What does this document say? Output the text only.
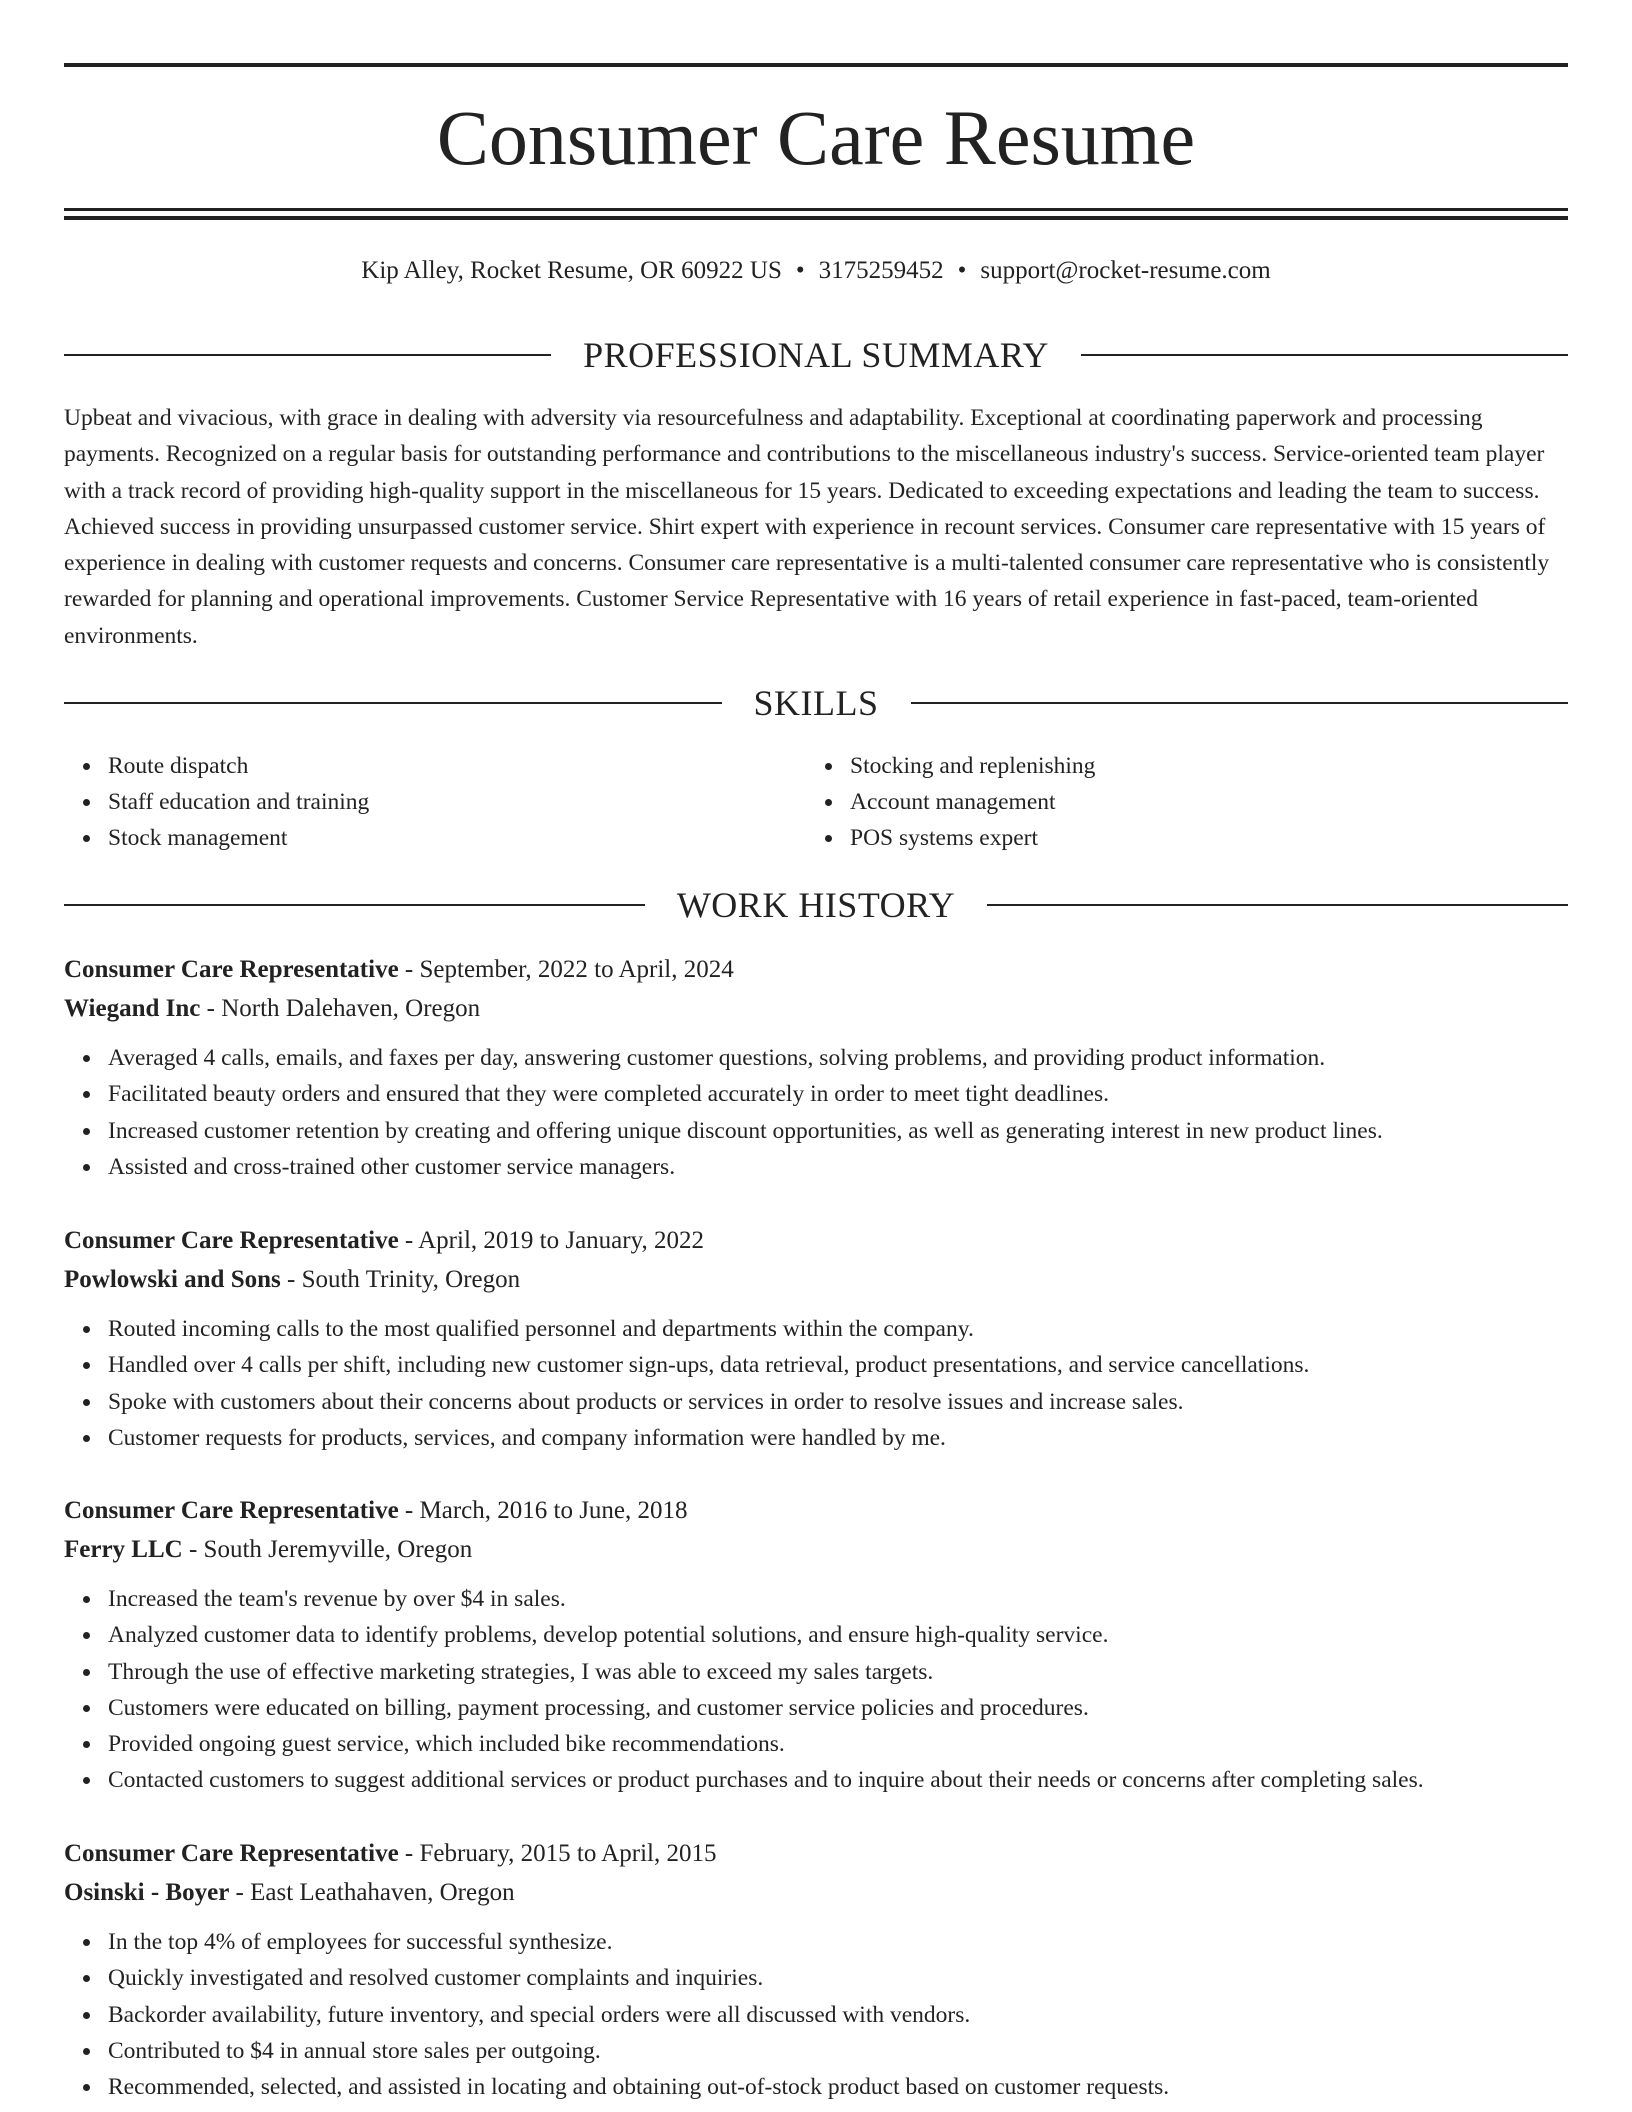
Consumer Care Resume
Kip Alley, Rocket Resume, OR 60922 US • 3175259452 • support@rocket-resume.com
PROFESSIONAL SUMMARY

Upbeat and vivacious, with grace in dealing with adversity via resourcefulness and adaptability. Exceptional at coordinating paperwork and processing payments. Recognized on a regular basis for outstanding performance and contributions to the miscellaneous industry's success. Service-oriented team player with a track record of providing high-quality support in the miscellaneous for 15 years. Dedicated to exceeding expectations and leading the team to success. Achieved success in providing unsurpassed customer service. Shirt expert with experience in recount services. Consumer care representative with 15 years of experience in dealing with customer requests and concerns. Consumer care representative is a multi-talented consumer care representative who is consistently rewarded for planning and operational improvements. Customer Service Representative with 16 years of retail experience in fast-paced, team-oriented environments.

SKILLS
Route dispatch
Staff education and training
Stock management
Stocking and replenishing
Account management
POS systems expert
WORK HISTORY
Consumer Care Representative - September, 2022 to April, 2024
Wiegand Inc - North Dalehaven, Oregon
Averaged 4 calls, emails, and faxes per day, answering customer questions, solving problems, and providing product information.
Facilitated beauty orders and ensured that they were completed accurately in order to meet tight deadlines.
Increased customer retention by creating and offering unique discount opportunities, as well as generating interest in new product lines.
Assisted and cross-trained other customer service managers.
Consumer Care Representative - April, 2019 to January, 2022
Powlowski and Sons - South Trinity, Oregon
Routed incoming calls to the most qualified personnel and departments within the company.
Handled over 4 calls per shift, including new customer sign-ups, data retrieval, product presentations, and service cancellations.
Spoke with customers about their concerns about products or services in order to resolve issues and increase sales.
Customer requests for products, services, and company information were handled by me.
Consumer Care Representative - March, 2016 to June, 2018
Ferry LLC - South Jeremyville, Oregon
Increased the team's revenue by over $4 in sales.
Analyzed customer data to identify problems, develop potential solutions, and ensure high-quality service.
Through the use of effective marketing strategies, I was able to exceed my sales targets.
Customers were educated on billing, payment processing, and customer service policies and procedures.
Provided ongoing guest service, which included bike recommendations.
Contacted customers to suggest additional services or product purchases and to inquire about their needs or concerns after completing sales.
Consumer Care Representative - February, 2015 to April, 2015
Osinski - Boyer - East Leathahaven, Oregon
In the top 4% of employees for successful synthesize.
Quickly investigated and resolved customer complaints and inquiries.
Backorder availability, future inventory, and special orders were all discussed with vendors.
Contributed to $4 in annual store sales per outgoing.
Recommended, selected, and assisted in locating and obtaining out-of-stock product based on customer requests.
